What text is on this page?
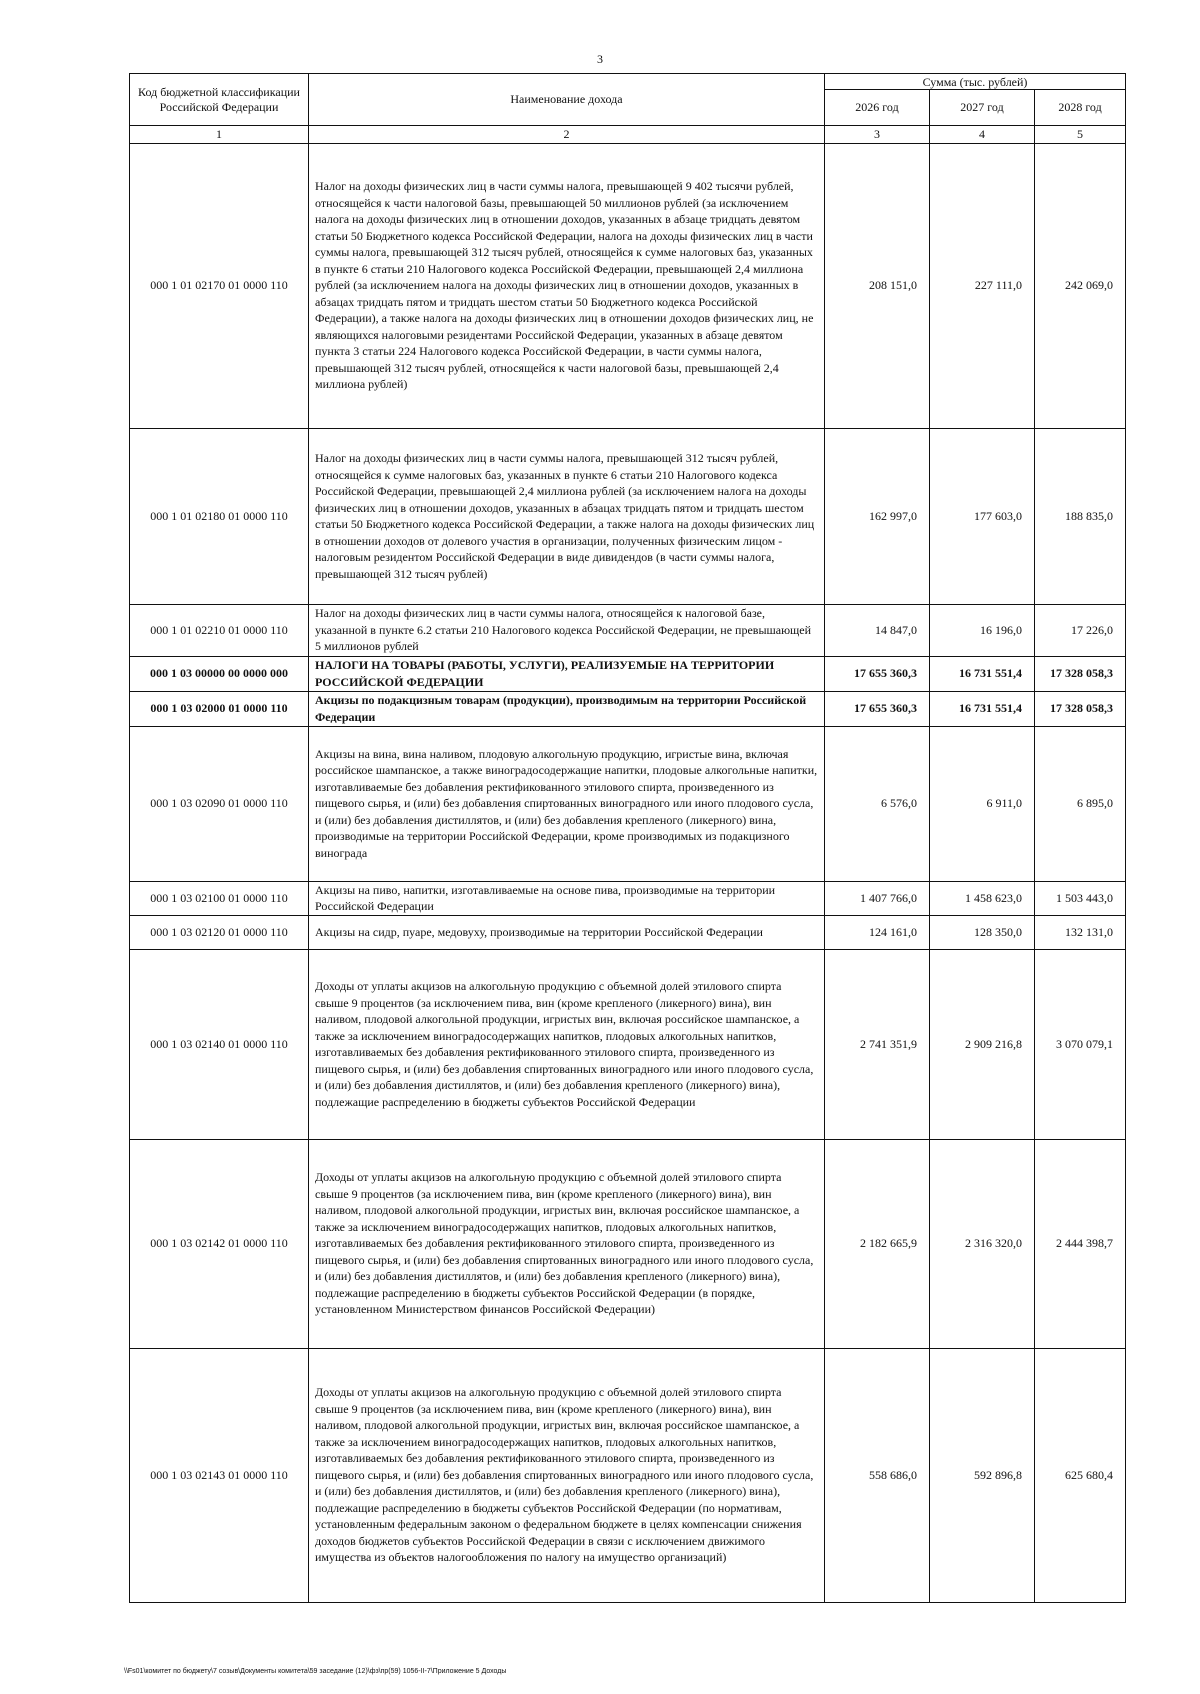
3
Код бюджетной классификации Российской Федерации	Наименование дохода	Сумма (тыс. рублей)		
		2026 год	2027 год	2028 год
1	2	3	4	5
000 1 01 02170 01 0000 110	Налог на доходы физических лиц в части суммы налога, превышающей 9 402 тысячи рублей, относящейся к части налоговой базы, превышающей 50 миллионов рублей (за исключением налога на доходы физических лиц в отношении доходов, указанных в абзаце тридцать девятом статьи 50 Бюджетного кодекса Российской Федерации, налога на доходы физических лиц в части суммы налога, превышающей 312 тысяч рублей, относящейся к сумме налоговых баз, указанных в пункте 6 статьи 210 Налогового кодекса Российской Федерации, превышающей 2,4 миллиона рублей (за исключением налога на доходы физических лиц в отношении доходов, указанных в абзацах тридцать пятом и тридцать шестом статьи 50 Бюджетного кодекса Российской Федерации), а также налога на доходы физических лиц в отношении доходов физических лиц, не являющихся налоговыми резидентами Российской Федерации, указанных в абзаце девятом пункта 3 статьи 224 Налогового кодекса Российской Федерации, в части суммы налога, превышающей 312 тысяч рублей, относящейся к части налоговой базы, превышающей 2,4 миллиона рублей)	208 151,0	227 111,0	242 069,0
000 1 01 02180 01 0000 110	Налог на доходы физических лиц в части суммы налога, превышающей 312 тысяч рублей, относящейся к сумме налоговых баз, указанных в пункте 6 статьи 210 Налогового кодекса Российской Федерации, превышающей 2,4 миллиона рублей (за исключением налога на доходы физических лиц в отношении доходов, указанных в абзацах тридцать пятом и тридцать шестом статьи 50 Бюджетного кодекса Российской Федерации, а также налога на доходы физических лиц в отношении доходов от долевого участия в организации, полученных физическим лицом - налоговым резидентом Российской Федерации в виде дивидендов (в части суммы налога, превышающей 312 тысяч рублей)	162 997,0	177 603,0	188 835,0
000 1 01 02210 01 0000 110	Налог на доходы физических лиц в части суммы налога, относящейся к налоговой базе, указанной в пункте 6.2 статьи 210 Налогового кодекса Российской Федерации, не превышающей 5 миллионов рублей	14 847,0	16 196,0	17 226,0
000 1 03 00000 00 0000 000	НАЛОГИ НА ТОВАРЫ (РАБОТЫ, УСЛУГИ), РЕАЛИЗУЕМЫЕ НА ТЕРРИТОРИИ РОССИЙСКОЙ ФЕДЕРАЦИИ	17 655 360,3	16 731 551,4	17 328 058,3
000 1 03 02000 01 0000 110	Акцизы по подакцизным товарам (продукции), производимым на территории Российской Федерации	17 655 360,3	16 731 551,4	17 328 058,3
000 1 03 02090 01 0000 110	Акцизы на вина, вина наливом, плодовую алкогольную продукцию, игристые вина, включая российское шампанское, а также виноградосодержащие напитки, плодовые алкогольные напитки, изготавливаемые без добавления ректификованного этилового спирта, произведенного из пищевого сырья, и (или) без добавления спиртованных виноградного или иного плодового сусла, и (или) без добавления дистиллятов, и (или) без добавления крепленого (ликерного) вина, производимые на территории Российской Федерации, кроме производимых из подакцизного винограда	6 576,0	6 911,0	6 895,0
000 1 03 02100 01 0000 110	Акцизы на пиво, напитки, изготавливаемые на основе пива, производимые на территории Российской Федерации	1 407 766,0	1 458 623,0	1 503 443,0
000 1 03 02120 01 0000 110	Акцизы на сидр, пуаре, медовуху, производимые на территории Российской Федерации	124 161,0	128 350,0	132 131,0
000 1 03 02140 01 0000 110	Доходы от уплаты акцизов на алкогольную продукцию с объемной долей этилового спирта свыше 9 процентов (за исключением пива, вин (кроме крепленого (ликерного) вина), вин наливом, плодовой алкогольной продукции, игристых вин, включая российское шампанское, а также за исключением виноградосодержащих напитков, плодовых алкогольных напитков, изготавливаемых без добавления ректификованного этилового спирта, произведенного из пищевого сырья, и (или) без добавления спиртованных виноградного или иного плодового сусла, и (или) без добавления дистиллятов, и (или) без добавления крепленого (ликерного) вина), подлежащие распределению в бюджеты субъектов Российской Федерации	2 741 351,9	2 909 216,8	3 070 079,1
000 1 03 02142 01 0000 110	Доходы от уплаты акцизов на алкогольную продукцию с объемной долей этилового спирта свыше 9 процентов (за исключением пива, вин (кроме крепленого (ликерного) вина), вин наливом, плодовой алкогольной продукции, игристых вин, включая российское шампанское, а также за исключением виноградосодержащих напитков, плодовых алкогольных напитков, изготавливаемых без добавления ректификованного этилового спирта, произведенного из пищевого сырья, и (или) без добавления спиртованных виноградного или иного плодового сусла, и (или) без добавления дистиллятов, и (или) без добавления крепленого (ликерного) вина), подлежащие распределению в бюджеты субъектов Российской Федерации (в порядке, установленном Министерством финансов Российской Федерации)	2 182 665,9	2 316 320,0	2 444 398,7
000 1 03 02143 01 0000 110	Доходы от уплаты акцизов на алкогольную продукцию с объемной долей этилового спирта свыше 9 процентов (за исключением пива, вин (кроме крепленого (ликерного) вина), вин наливом, плодовой алкогольной продукции, игристых вин, включая российское шампанское, а также за исключением виноградосодержащих напитков, плодовых алкогольных напитков, изготавливаемых без добавления ректификованного этилового спирта, произведенного из пищевого сырья, и (или) без добавления спиртованных виноградного или иного плодового сусла, и (или) без добавления дистиллятов, и (или) без добавления крепленого (ликерного) вина), подлежащие распределению в бюджеты субъектов Российской Федерации (по нормативам, установленным федеральным законом о федеральном бюджете в целях компенсации снижения доходов бюджетов субъектов Российской Федерации в связи с исключением движимого имущества из объектов налогообложения по налогу на имущество организаций)	558 686,0	592 896,8	625 680,4
\\Fs01\комитет по бюджету\7 созыв\Документы комитета\59 заседание (12)\фз\пр(59) 1056-II-7\Приложение 5 Доходы
